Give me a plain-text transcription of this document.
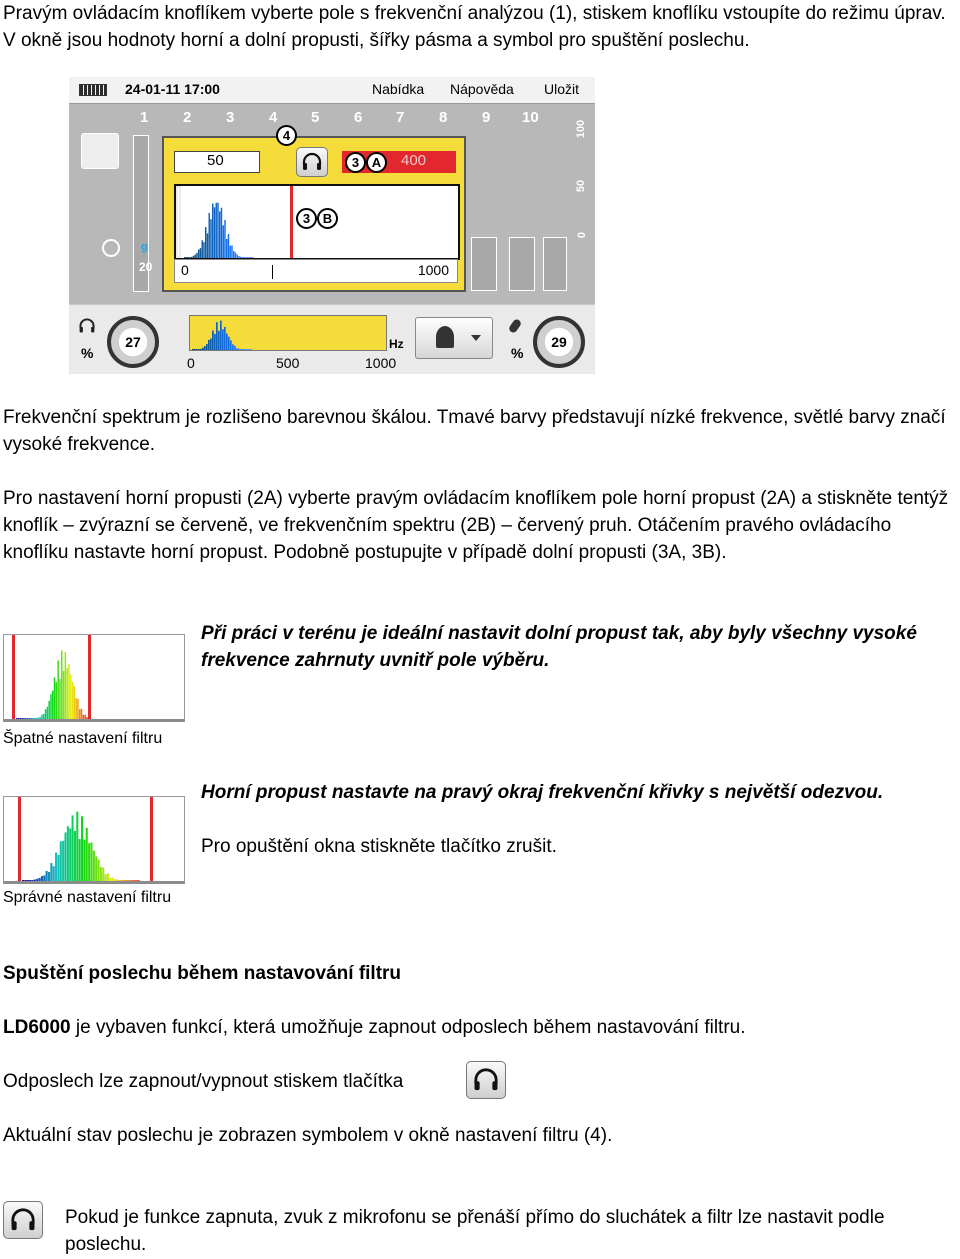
Pravým ovládacím knoflíkem vyberte pole s frekvenční analýzou (1), stiskem knoflíku vstoupíte do režimu úprav. V okně jsou hodnoty horní a dolní propusti, šířky pásma a symbol pro spuštění poslechu.
24-01-11 17:00	Nabídka Nápověda Uložit
1 2 3 4 5 6 7 8 9 10
100
50
0
g
20
50	400
4
3 A
3 B
0	1000
%
27	Hz
0	500	1000
%
29
Frekvenční spektrum je rozlišeno barevnou škálou. Tmavé barvy představují nízké frekvence, světlé barvy značí vysoké frekvence.
Pro nastavení horní propusti (2A) vyberte pravým ovládacím knoflíkem pole horní propust (2A) a stiskněte tentýž knoflík – zvýrazní se červeně, ve frekvenčním spektru (2B) – červený pruh. Otáčením pravého ovládacího knoflíku nastavte horní propust. Podobně postupujte v případě dolní propusti (3A, 3B).
Při práci v terénu je ideální nastavit dolní propust tak, aby byly všechny vysoké frekvence zahrnuty uvnitř pole výběru.
Špatné nastavení filtru
Horní propust nastavte na pravý okraj frekvenční křivky s největší odezvou.
Pro opuštění okna stiskněte tlačítko zrušit.
Správné nastavení filtru
Spuštění poslechu během nastavování filtru
LD6000 je vybaven funkcí, která umožňuje zapnout odposlech během nastavování filtru.
Odposlech lze zapnout/vypnout stiskem tlačítka
Aktuální stav poslechu je zobrazen symbolem v okně nastavení filtru (4).
Pokud je funkce zapnuta, zvuk z mikrofonu se přenáší přímo do sluchátek a filtr lze nastavit podle poslechu.
